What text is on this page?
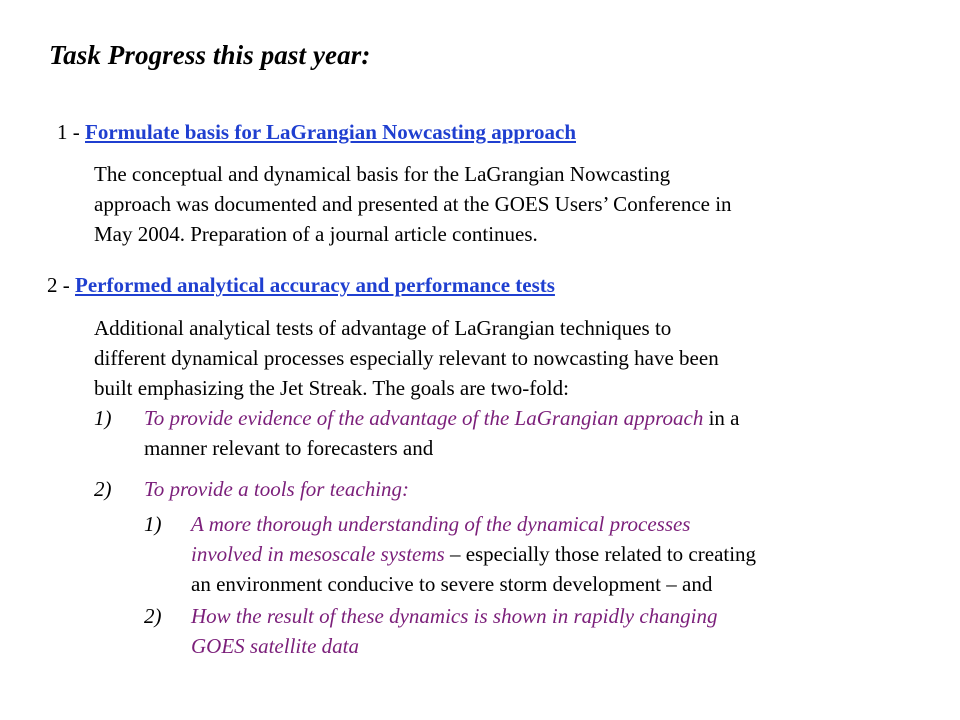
Task Progress this past year:
1 - Formulate basis for LaGrangian Nowcasting approach
The conceptual and dynamical basis for the LaGrangian Nowcasting
approach was documented and presented at the GOES Users’ Conference in
May 2004. Preparation of a journal article continues.
2 - Performed analytical accuracy and performance tests
Additional analytical tests of advantage of LaGrangian techniques to
different dynamical processes especially relevant to nowcasting have been
built emphasizing the Jet Streak. The goals are two-fold:
1) To provide evidence of the advantage of the LaGrangian approach in a
manner relevant to forecasters and
2) To provide a tools for teaching:
1) A more thorough understanding of the dynamical processes
involved in mesoscale systems – especially those related to creating
an environment conducive to severe storm development – and
2) How the result of these dynamics is shown in rapidly changing
GOES satellite data
